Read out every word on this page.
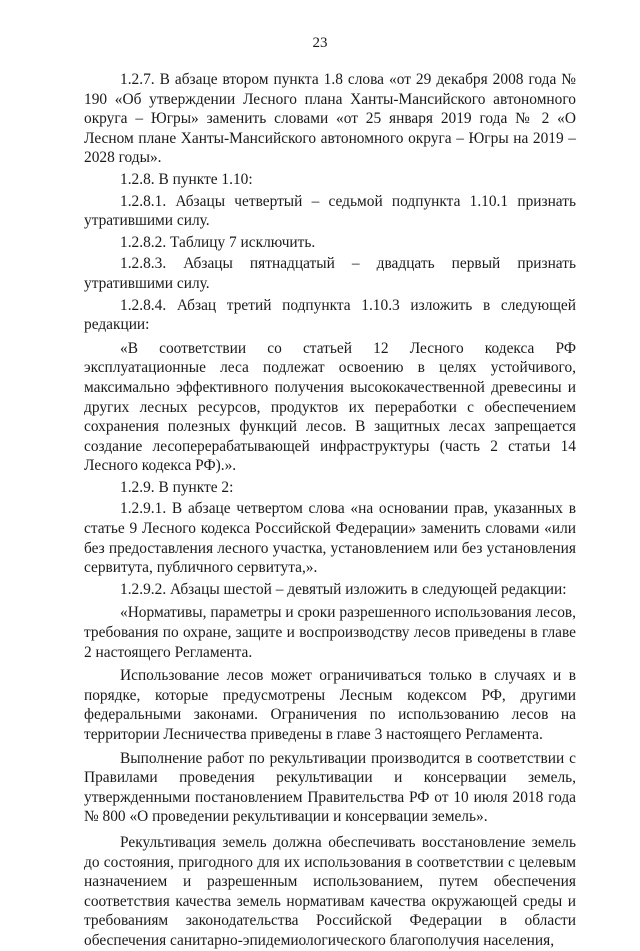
23

1.2.7. В абзаце втором пункта 1.8 слова «от 29 декабря 2008 года № 190 «Об утверждении Лесного плана Ханты-Мансийского автономного округа – Югры» заменить словами «от 25 января 2019 года № 2 «О Лесном плане Ханты-Мансийского автономного округа – Югры на 2019 – 2028 годы».

1.2.8. В пункте 1.10:

1.2.8.1. Абзацы четвертый – седьмой подпункта 1.10.1 признать утратившими силу.

1.2.8.2. Таблицу 7 исключить.

1.2.8.3. Абзацы пятнадцатый – двадцать первый признать утратившими силу.

1.2.8.4. Абзац третий подпункта 1.10.3 изложить в следующей редакции:

«В соответствии со статьей 12 Лесного кодекса РФ эксплуатационные леса подлежат освоению в целях устойчивого, максимально эффективного получения высококачественной древесины и других лесных ресурсов, продуктов их переработки с обеспечением сохранения полезных функций лесов. В защитных лесах запрещается создание лесоперерабатывающей инфраструктуры (часть 2 статьи 14 Лесного кодекса РФ).».

1.2.9. В пункте 2:

1.2.9.1. В абзаце четвертом слова «на основании прав, указанных в статье 9 Лесного кодекса Российской Федерации» заменить словами «или без предоставления лесного участка, установлением или без установления сервитута, публичного сервитута,».

1.2.9.2. Абзацы шестой – девятый изложить в следующей редакции:

«Нормативы, параметры и сроки разрешенного использования лесов, требования по охране, защите и воспроизводству лесов приведены в главе 2 настоящего Регламента.

Использование лесов может ограничиваться только в случаях и в порядке, которые предусмотрены Лесным кодексом РФ, другими федеральными законами. Ограничения по использованию лесов на территории Лесничества приведены в главе 3 настоящего Регламента.

Выполнение работ по рекультивации производится в соответствии с Правилами проведения рекультивации и консервации земель, утвержденными постановлением Правительства РФ от 10 июля 2018 года № 800 «О проведении рекультивации и консервации земель».

Рекультивация земель должна обеспечивать восстановление земель до состояния, пригодного для их использования в соответствии с целевым назначением и разрешенным использованием, путем обеспечения соответствия качества земель нормативам качества окружающей среды и требованиям законодательства Российской Федерации в области обеспечения санитарно-эпидемиологического благополучия населения,
